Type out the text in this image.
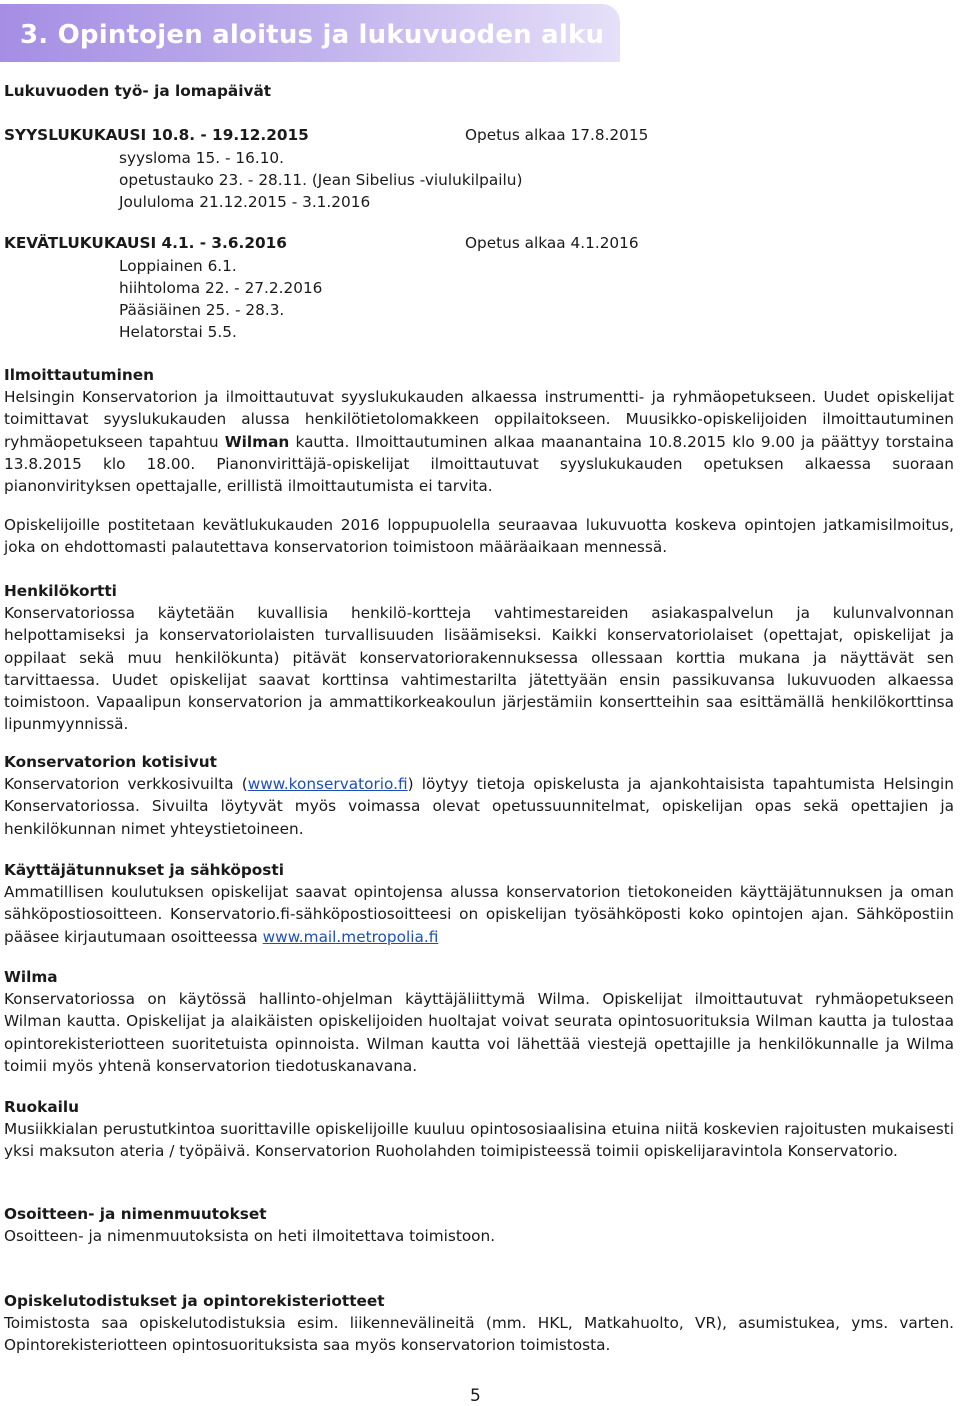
3. Opintojen aloitus ja lukuvuoden alku

Lukuvuoden työ- ja lomapäivät

SYYSLUKUKAUSI 10.8. - 19.12.2015	Opetus alkaa 17.8.2015

syysloma 15. - 16.10.

opetustauko 23. - 28.11. (Jean Sibelius -viulukilpailu)

Joululoma 21.12.2015 - 3.1.2016

KEVÄTLUKUKAUSI 4.1. - 3.6.2016	Opetus alkaa 4.1.2016

Loppiainen 6.1.

hiihtoloma 22. - 27.2.2016

Pääsiäinen 25. - 28.3.

Helatorstai 5.5.

Ilmoittautuminen
Helsingin Konservatorion ja ilmoittautuvat syyslukukauden alkaessa instrumentti- ja ryhmäopetukseen. Uudet opiskelijat toimittavat syyslukukauden alussa henkilötietolomakkeen oppilaitokseen. Muusikko-opiskelijoiden ilmoittautuminen ryhmäopetukseen tapahtuu Wilman kautta. Ilmoittautuminen alkaa maanantaina 10.8.2015 klo 9.00 ja päättyy torstaina 13.8.2015 klo 18.00. Pianonvirittäjä-opiskelijat ilmoittautuvat syyslukukauden opetuksen alkaessa suoraan pianonvirityksen opettajalle, erillistä ilmoittautumista ei tarvita.
Opiskelijoille postitetaan kevätlukukauden 2016 loppupuolella seuraavaa lukuvuotta koskeva opintojen jatkamisilmoitus, joka on ehdottomasti palautettava konservatorion toimistoon määräaikaan mennessä.
Henkilökortti
Konservatoriossa käytetään kuvallisia henkilö-kortteja vahtimestareiden asiakaspalvelun ja kulunvalvonnan helpottamiseksi ja konservatoriolaisten turvallisuuden lisäämiseksi. Kaikki konservatoriolaiset (opettajat, opiskelijat ja oppilaat sekä muu henkilökunta) pitävät konservatoriorakennuksessa ollessaan korttia mukana ja näyttävät sen tarvittaessa. Uudet opiskelijat saavat korttinsa vahtimestarilta jätettyään ensin passikuvansa lukuvuoden alkaessa toimistoon. Vapaalipun konservatorion ja ammattikorkeakoulun järjestämiin konsertteihin saa esittämällä henkilökorttinsa lipunmyynnissä.
Konservatorion kotisivut
Konservatorion verkkosivuilta (www.konservatorio.fi) löytyy tietoja opiskelusta ja ajankohtaisista tapahtumista Helsingin Konservatoriossa. Sivuilta löytyvät myös voimassa olevat opetussuunnitelmat, opiskelijan opas sekä opettajien ja henkilökunnan nimet yhteystietoineen.
Käyttäjätunnukset ja sähköposti
Ammatillisen koulutuksen opiskelijat saavat opintojensa alussa konservatorion tietokoneiden käyttäjätunnuksen ja oman sähköpostiosoitteen. Konservatorio.fi-sähköpostiosoitteesi on opiskelijan työsähköposti koko opintojen ajan. Sähköpostiin pääsee kirjautumaan osoitteessa www.mail.metropolia.fi
Wilma
Konservatoriossa on käytössä hallinto-ohjelman käyttäjäliittymä Wilma. Opiskelijat ilmoittautuvat ryhmäopetukseen Wilman kautta. Opiskelijat ja alaikäisten opiskelijoiden huoltajat voivat seurata opintosuorituksia Wilman kautta ja tulostaa opintorekisteriotteen suoritetuista opinnoista. Wilman kautta voi lähettää viestejä opettajille ja henkilökunnalle ja Wilma toimii myös yhtenä konservatorion tiedotuskanavana.
Ruokailu
Musiikkialan perustutkintoa suorittaville opiskelijoille kuuluu opintososiaalisina etuina niitä koskevien rajoitusten mukaisesti yksi maksuton ateria / työpäivä. Konservatorion Ruoholahden toimipisteessä toimii opiskelijaravintola Konservatorio.
Osoitteen- ja nimenmuutokset
Osoitteen- ja nimenmuutoksista on heti ilmoitettava toimistoon.
Opiskelutodistukset ja opintorekisteriotteet
Toimistosta saa opiskelutodistuksia esim. liikennevälineitä (mm. HKL, Matkahuolto, VR), asumistukea, yms. varten. Opintorekisteriotteen opintosuorituksista saa myös konservatorion toimistosta.

5
